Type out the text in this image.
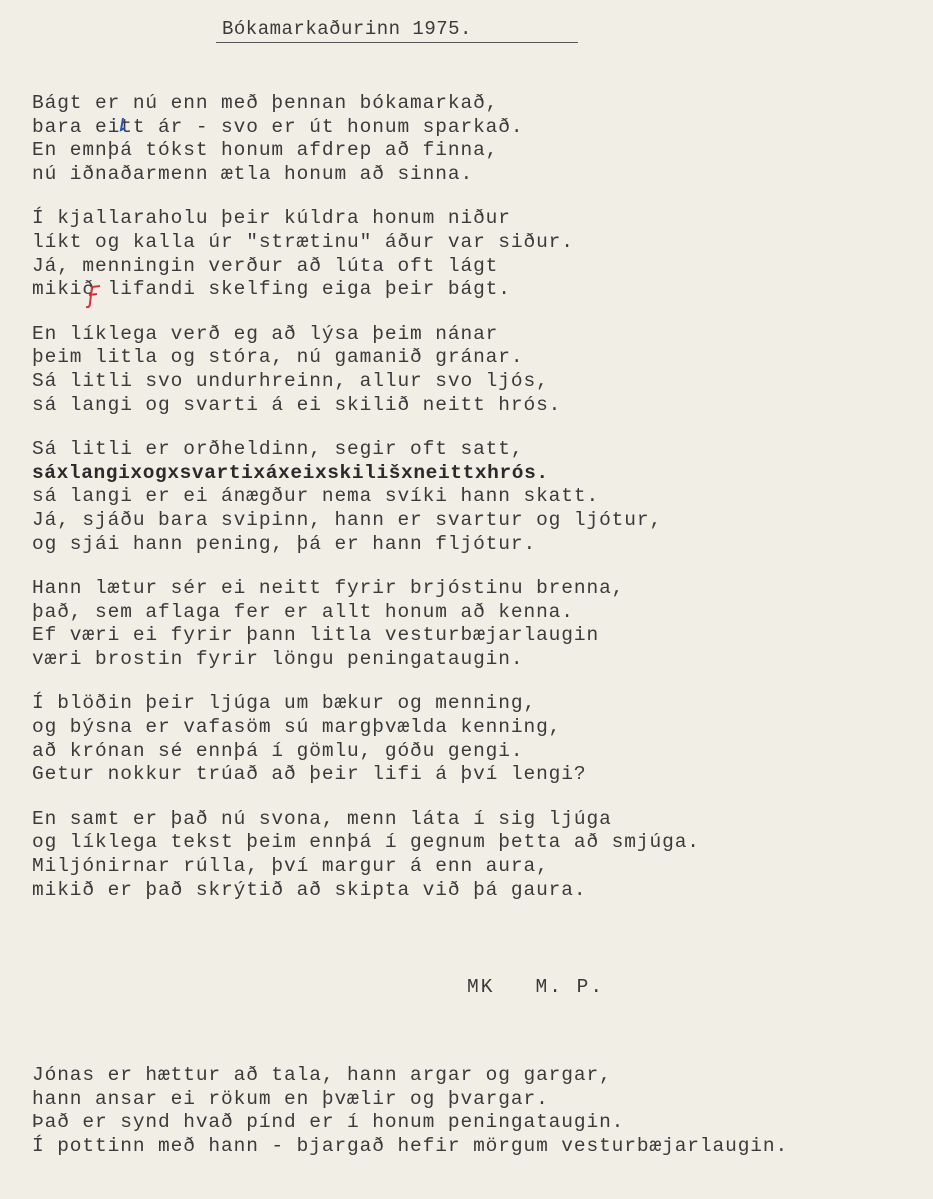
Bókamarkaðurinn 1975.
Bágt er nú enn með þennan bókamarkað,
bara eitt ár - svo er út honum sparkað.
En emnþá tókst honum afdrep að finna,
nú iðnaðarmenn ætla honum að sinna.
Í kjallaraholu þeir kúldra honum niður
líkt og kalla úr "strætinu" áður var siður.
Já, menningin verður að lúta oft lágt
mikið lifandi skelfing eiga þeir bágt.
En líklega verð eg að lýsa þeim nánar
þeim litla og stóra, nú gamanið gránar.
Sá litli svo undurhreinn, allur svo ljós,
sá langi og svarti á ei skilið neitt hrós.
Sá litli er orðheldinn, segir oft satt,
sáxlangixogxsvartixáxeixskilišxneittxhrós.
sá langi er ei ánægður nema svíki hann skatt.
Já, sjáðu bara svipinn, hann er svartur og ljótur,
og sjái hann pening, þá er hann fljótur.
Hann lætur sér ei neitt fyrir brjóstinu brenna,
það, sem aflaga fer er allt honum að kenna.
Ef væri ei fyrir þann litla vesturbæjarlaugin
væri brostin fyrir löngu peningataugin.
Í blöðin þeir ljúga um bækur og menning,
og býsna er vafasöm sú margþvælda kenning,
að krónan sé ennþá í gömlu, góðu gengi.
Getur nokkur trúað að þeir lifi á því lengi?
En samt er það nú svona, menn láta í sig ljúga
og líklega tekst þeim ennþá í gegnum þetta að smjúga.
Miljónirnar rúlla, því margur á enn aura,
mikið er það skrýtið að skipta við þá gaura.
MK   M. P.
Jónas er hættur að tala, hann argar og gargar,
hann ansar ei rökum en þvælir og þvargar.
Það er synd hvað pínd er í honum peningataugin.
Í pottinn með hann - bjargað hefir mörgum vesturbæjarlaugin.
